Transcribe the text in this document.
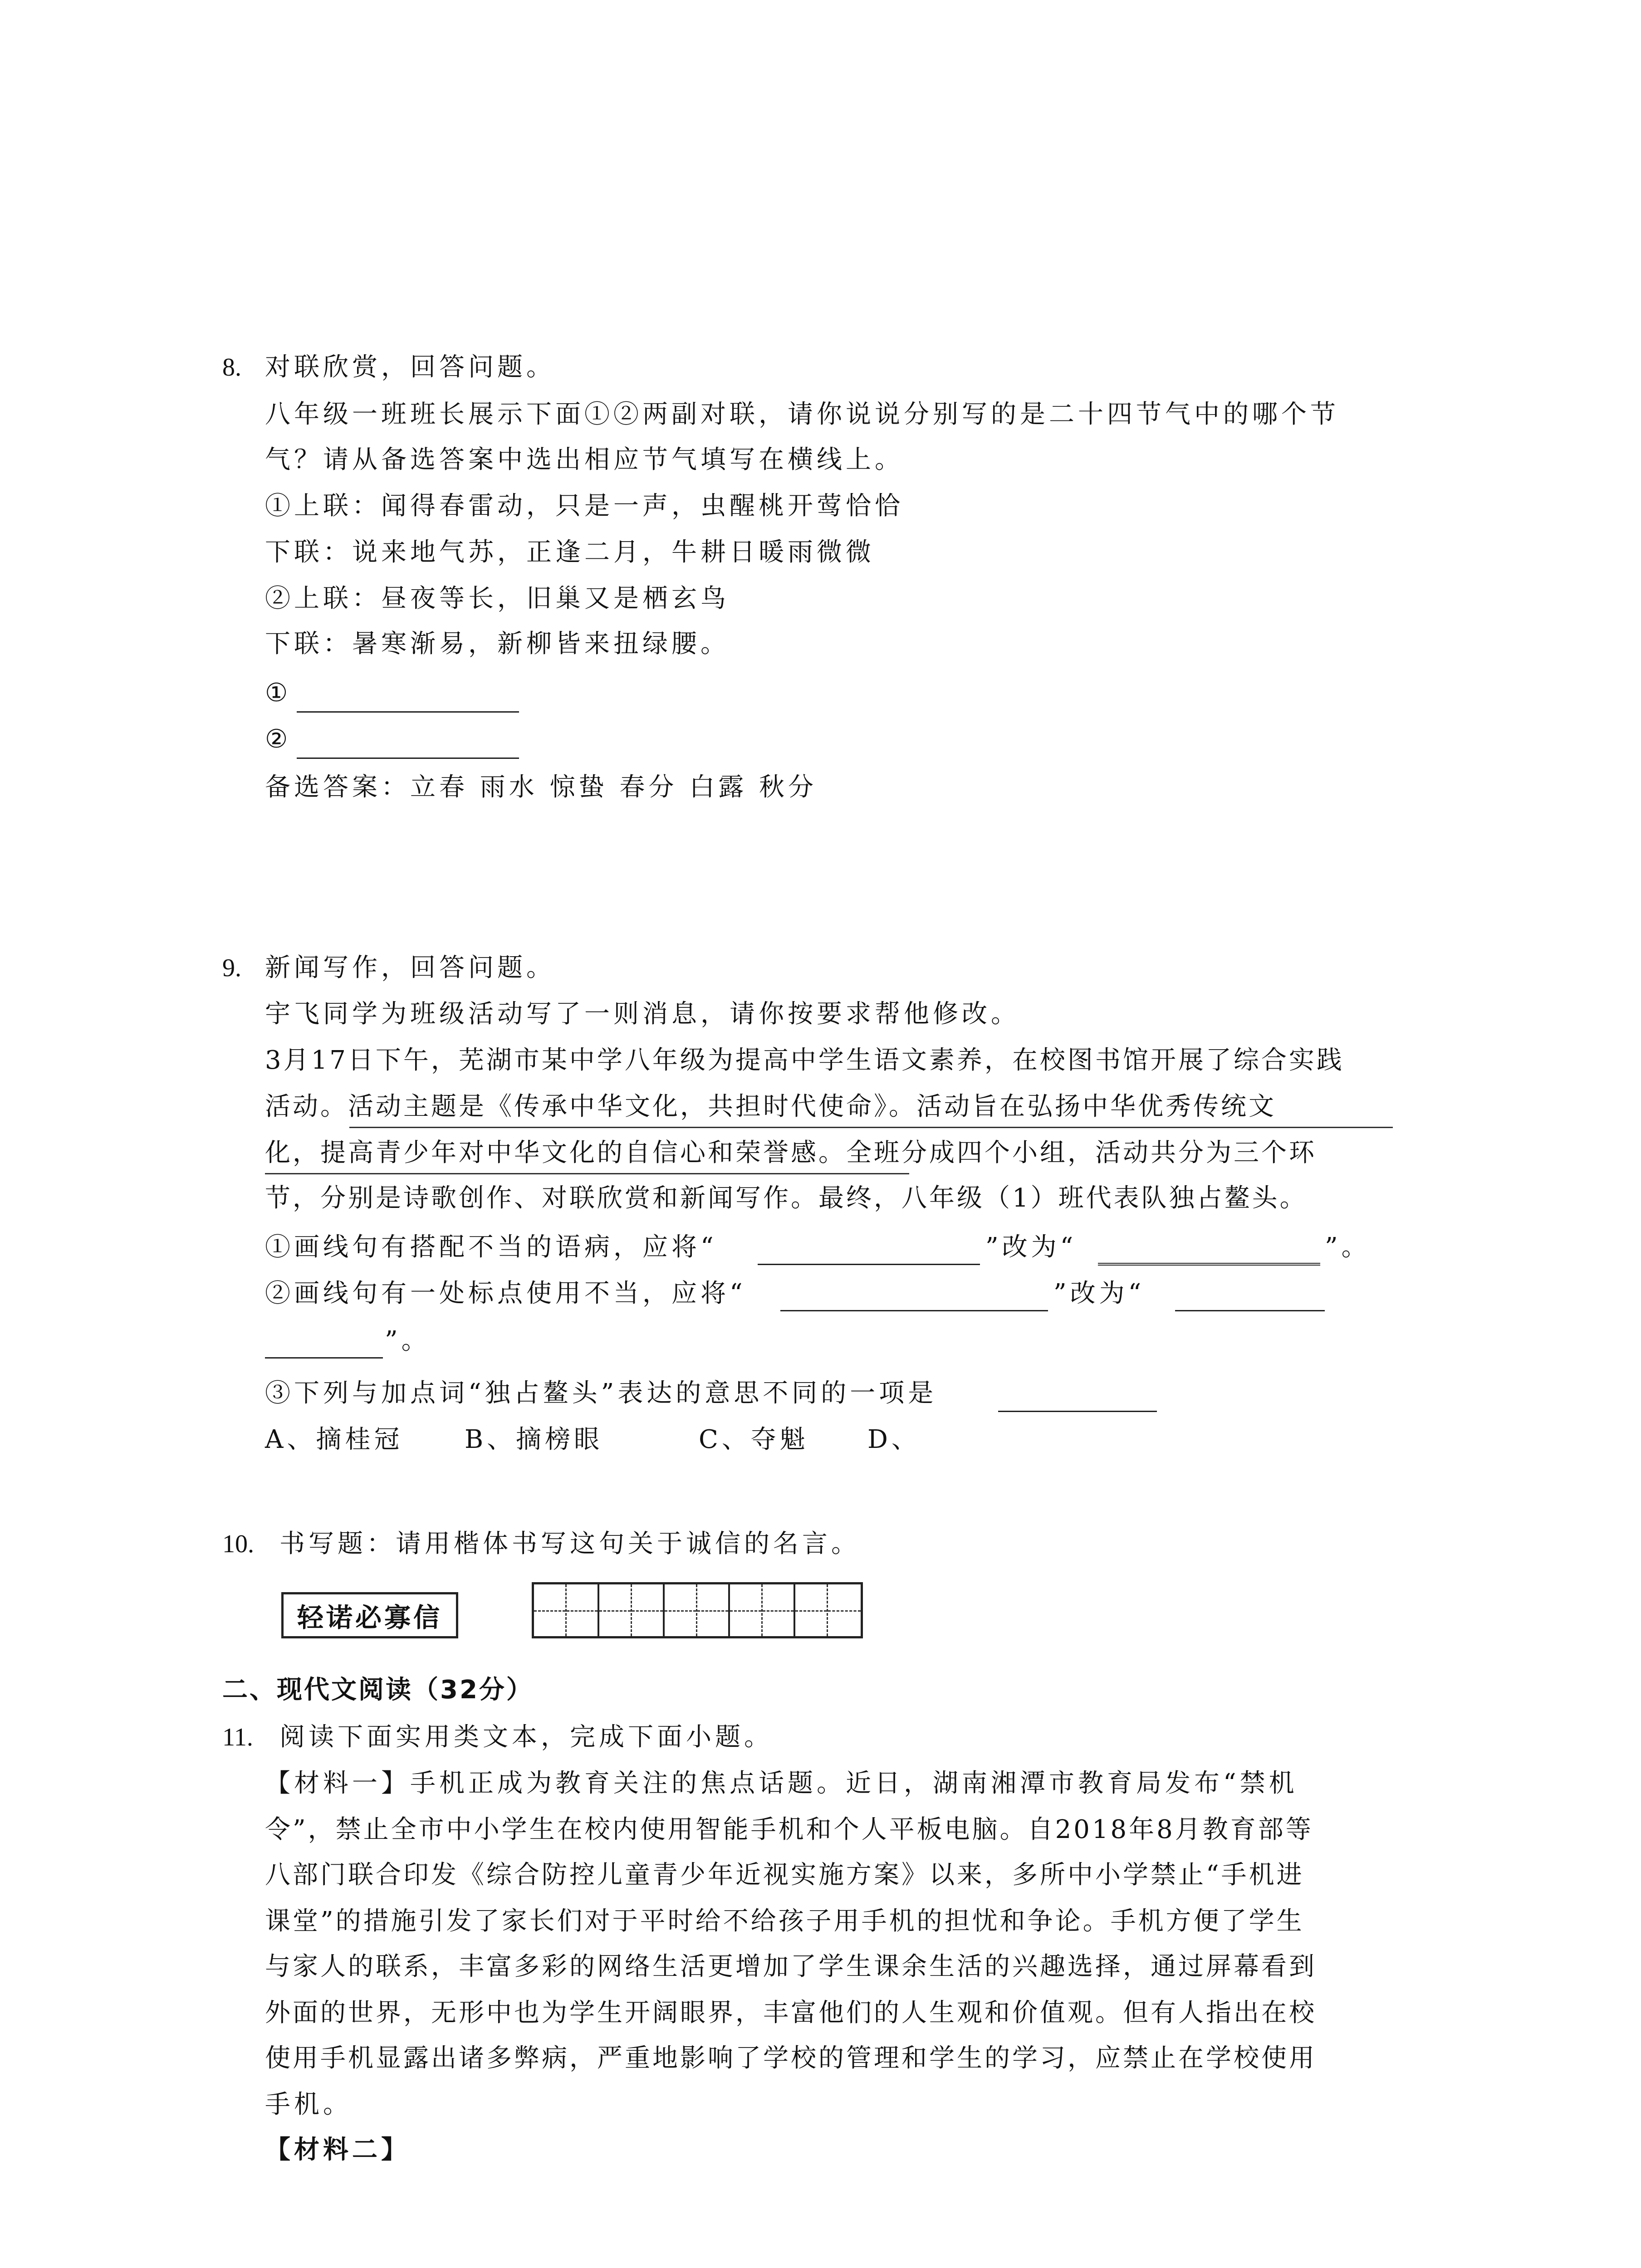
8. 对联欣赏，回答问题。
八年级一班班长展示下面①②两副对联，请你说说分别写的是二十四节气中的哪个节
气？请从备选答案中选出相应节气填写在横线上。
①上联：闻得春雷动，只是一声，虫醒桃开莺恰恰
下联：说来地气苏，正逢二月，牛耕日暖雨微微
②上联：昼夜等长，旧巢又是栖玄鸟
下联：暑寒渐易，新柳皆来扭绿腰。
①
②
备选答案：立春 雨水 惊蛰 春分 白露 秋分
9. 新闻写作，回答问题。
宇飞同学为班级活动写了一则消息，请你按要求帮他修改。
3月17日下午，芜湖市某中学八年级为提高中学生语文素养，在校图书馆开展了综合实践
活动。活动主题是《传承中华文化，共担时代使命》。活动旨在弘扬中华优秀传统文
化，提高青少年对中华文化的自信心和荣誉感。全班分成四个小组，活动共分为三个环
节，分别是诗歌创作、对联欣赏和新闻写作。最终，八年级（1）班代表队独占鳌头。
①画线句有搭配不当的语病，应将“	”改为“	”。
②画线句有一处标点使用不当，应将“	”改为“
”。
③下列与加点词“独占鳌头”表达的意思不同的一项是
A、摘桂冠 B、摘榜眼	C、夺魁 D、
10. 书写题：请用楷体书写这句关于诚信的名言。
轻诺必寡信
二、现代文阅读（32分）
11. 阅读下面实用类文本，完成下面小题。
【材料一】手机正成为教育关注的焦点话题。近日，湖南湘潭市教育局发布“禁机
令”，禁止全市中小学生在校内使用智能手机和个人平板电脑。自2018年8月教育部等
八部门联合印发《综合防控儿童青少年近视实施方案》以来，多所中小学禁止“手机进
课堂”的措施引发了家长们对于平时给不给孩子用手机的担忧和争论。手机方便了学生
与家人的联系，丰富多彩的网络生活更增加了学生课余生活的兴趣选择，通过屏幕看到
外面的世界，无形中也为学生开阔眼界，丰富他们的人生观和价值观。但有人指出在校
使用手机显露出诸多弊病，严重地影响了学校的管理和学生的学习，应禁止在学校使用
手机。
【材料二】
